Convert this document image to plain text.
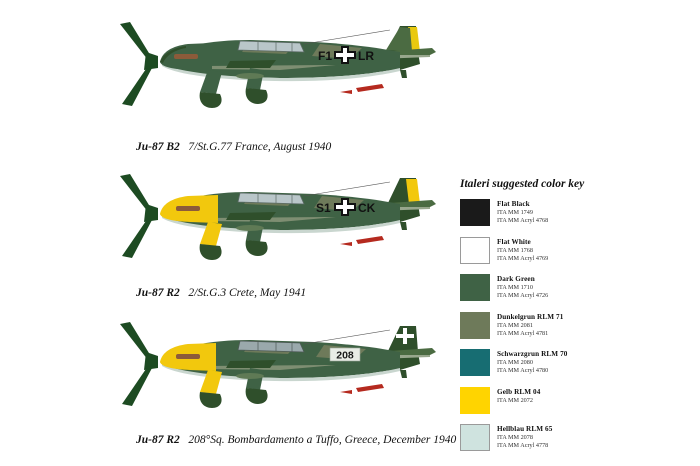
F1 LR
Ju-87 B2 7/St.G.77 France, August 1940
S1 CK
Ju-87 R2 2/St.G.3 Crete, May 1941
208
Ju-87 R2 208°Sq. Bombardamento a Tuffo, Greece, December 1940
Italeri suggested color key
Flat Black
ITA MM 1749
ITA MM Acryl 4768
Flat White
ITA MM 1768
ITA MM Acryl 4769
Dark Green
ITA MM 1710
ITA MM Acryl 4726
Dunkelgrun RLM 71
ITA MM 2081
ITA MM Acryl 4781
Schwarzgrun RLM 70
ITA MM 2080
ITA MM Acryl 4780
Gelb RLM 04
ITA MM 2072
Hellblau RLM 65
ITA MM 2078
ITA MM Acryl 4778
